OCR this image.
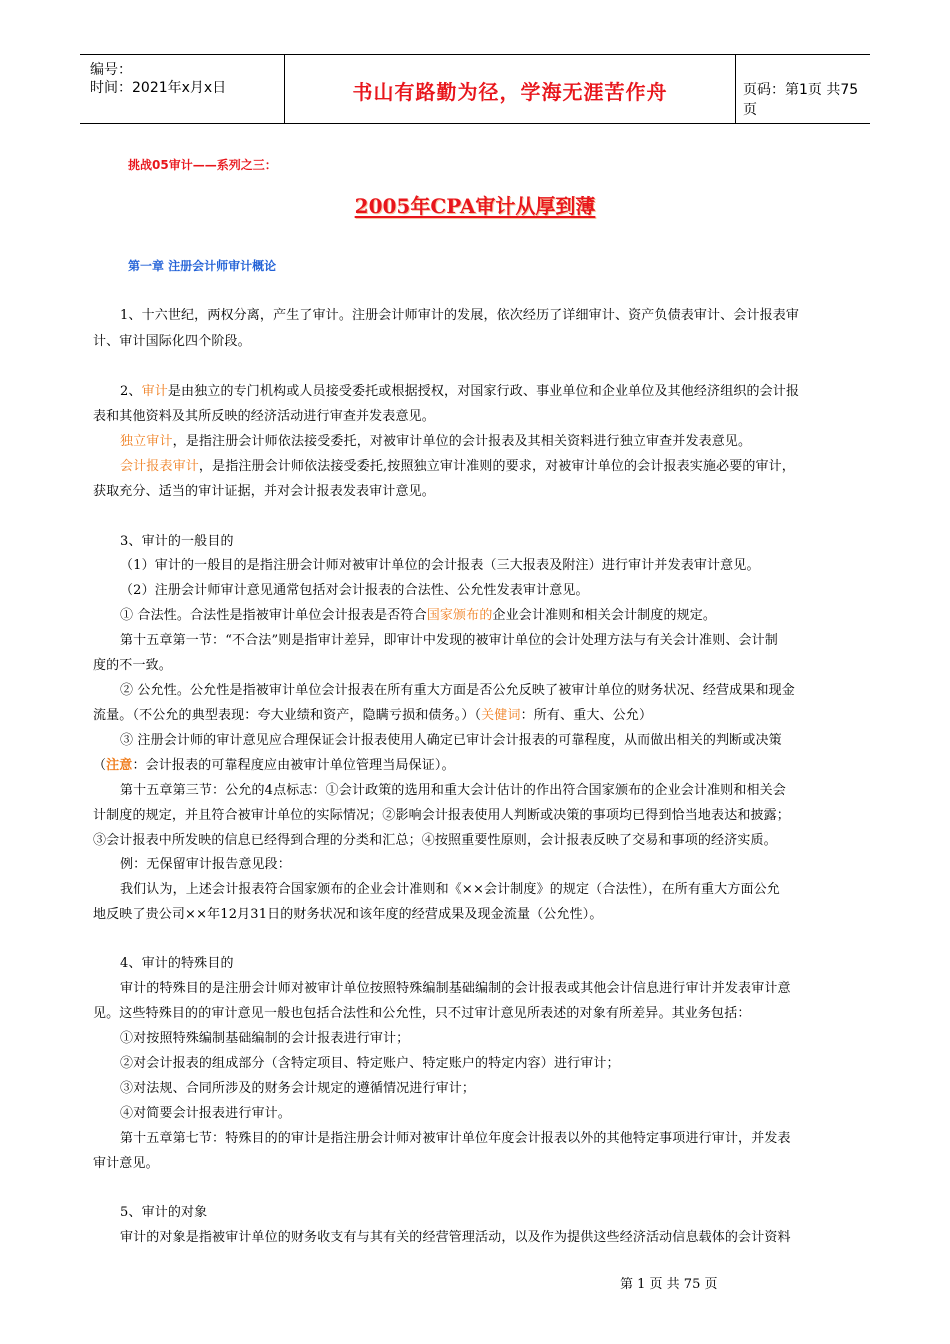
编号：
时间：2021年x月x日	书山有路勤为径，学海无涯苦作舟	页码：第1页 共75页
挑战05审计——系列之三：
2005年CPA审计从厚到薄
第一章 注册会计师审计概论
1、十六世纪，两权分离，产生了审计。注册会计师审计的发展，依次经历了详细审计、资产负债表审计、会计报表审
计、审计国际化四个阶段。
2、审计是由独立的专门机构或人员接受委托或根据授权，对国家行政、事业单位和企业单位及其他经济组织的会计报
表和其他资料及其所反映的经济活动进行审查并发表意见。
独立审计，是指注册会计师依法接受委托，对被审计单位的会计报表及其相关资料进行独立审查并发表意见。
会计报表审计，是指注册会计师依法接受委托,按照独立审计准则的要求，对被审计单位的会计报表实施必要的审计，
获取充分、适当的审计证据，并对会计报表发表审计意见。
3、审计的一般目的
（1）审计的一般目的是指注册会计师对被审计单位的会计报表（三大报表及附注）进行审计并发表审计意见。
（2）注册会计师审计意见通常包括对会计报表的合法性、公允性发表审计意见。
① 合法性。合法性是指被审计单位会计报表是否符合国家颁布的企业会计准则和相关会计制度的规定。
第十五章第一节：“不合法”则是指审计差异，即审计中发现的被审计单位的会计处理方法与有关会计准则、会计制
度的不一致。
② 公允性。公允性是指被审计单位会计报表在所有重大方面是否公允反映了被审计单位的财务状况、经营成果和现金
流量。（不公允的典型表现：夸大业绩和资产，隐瞒亏损和债务。）（关健词：所有、重大、公允）
③ 注册会计师的审计意见应合理保证会计报表使用人确定已审计会计报表的可靠程度，从而做出相关的判断或决策
（注意：会计报表的可靠程度应由被审计单位管理当局保证）。
第十五章第三节：公允的4点标志：①会计政策的选用和重大会计估计的作出符合国家颁布的企业会计准则和相关会
计制度的规定，并且符合被审计单位的实际情况；②影响会计报表使用人判断或决策的事项均已得到恰当地表达和披露；
③会计报表中所发映的信息已经得到合理的分类和汇总；④按照重要性原则，会计报表反映了交易和事项的经济实质。
例：无保留审计报告意见段：
我们认为，上述会计报表符合国家颁布的企业会计准则和《××会计制度》的规定（合法性），在所有重大方面公允
地反映了贵公司××年12月31日的财务状况和该年度的经营成果及现金流量（公允性）。
4、审计的特殊目的
审计的特殊目的是注册会计师对被审计单位按照特殊编制基础编制的会计报表或其他会计信息进行审计并发表审计意
见。这些特殊目的的审计意见一般也包括合法性和公允性，只不过审计意见所表述的对象有所差异。其业务包括：
①对按照特殊编制基础编制的会计报表进行审计；
②对会计报表的组成部分（含特定项目、特定账户、特定账户的特定内容）进行审计；
③对法规、合同所涉及的财务会计规定的遵循情况进行审计；
④对简要会计报表进行审计。
第十五章第七节：特殊目的的审计是指注册会计师对被审计单位年度会计报表以外的其他特定事项进行审计，并发表
审计意见。
5、审计的对象
审计的对象是指被审计单位的财务收支有与其有关的经营管理活动，以及作为提供这些经济活动信息载体的会计资料
第 1 页 共 75 页
